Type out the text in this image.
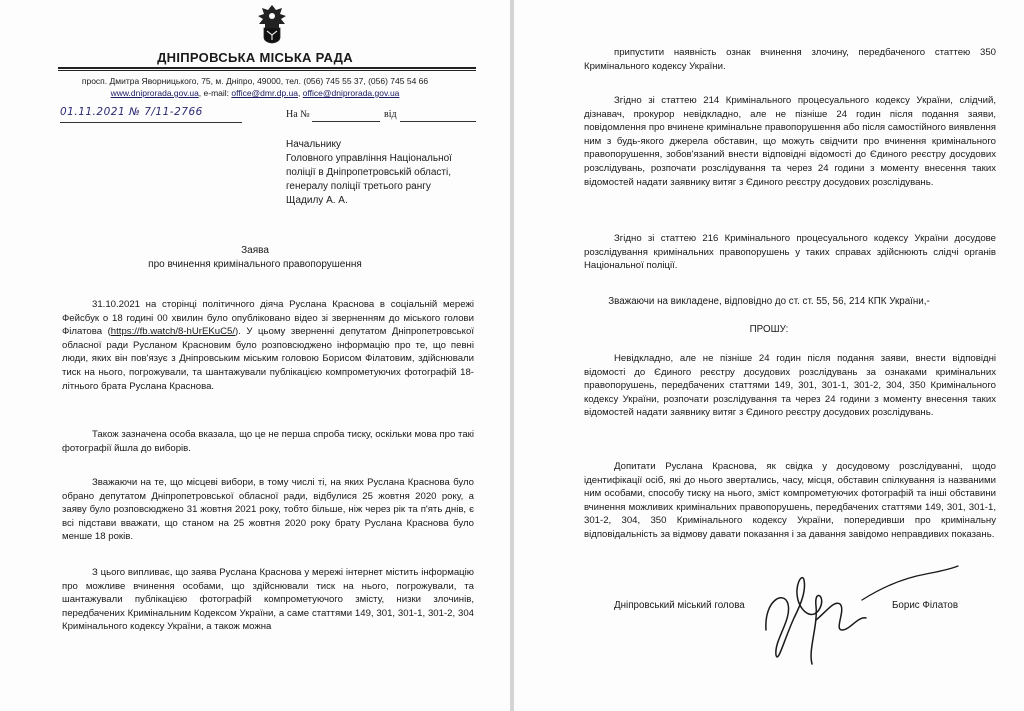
ДНІПРОВСЬКА МІСЬКА РАДА
просп. Дмитра Яворницького, 75, м. Дніпро, 49000, тел. (056) 745 55 37, (056) 745 54 66
www.dniprorada.gov.ua, e-mail: office@dmr.dp.ua, office@dniprorada.gov.ua
01.11.2021 № 7/11-2766	На №	від
Начальнику
Головного управління Національної
поліції в Дніпропетровській області,
генералу поліції третього рангу
Щадилу А. А.
Заява
про вчинення кримінального правопорушення

31.10.2021 на сторінці політичного діяча Руслана Краснова в соціальній мережі Фейсбук о 18 годині 00 хвилин було опубліковано відео зі зверненням до міського голови Філатова (https://fb.watch/8-hUrEKuC5/). У цьому зверненні депутатом Дніпропетровської обласної ради Русланом Красновим було розповсюджено інформацію про те, що певні люди, яких він пов'язує з Дніпровським міським головою Борисом Філатовим, здійснювали тиск на нього, погрожували, та шантажували публікацією компрометуючих фотографій 18-літнього брата Руслана Краснова.

Також зазначена особа вказала, що це не перша спроба тиску, оскільки мова про такі фотографії йшла до виборів.

Зважаючи на те, що місцеві вибори, в тому числі ті, на яких Руслана Краснова було обрано депутатом Дніпропетровської обласної ради, відбулися 25 жовтня 2020 року, а заяву було розповсюджено 31 жовтня 2021 року, тобто більше, ніж через рік та п'ять днів, є всі підстави вважати, що станом на 25 жовтня 2020 року брату Руслана Краснова було менше 18 років.

З цього випливає, що заява Руслана Краснова у мережі інтернет містить інформацію про можливе вчинення особами, що здійснювали тиск на нього, погрожували, та шантажували публікацією фотографій компрометуючого змісту, низки злочинів, передбачених Кримінальним Кодексом України, а саме статтями 149, 301, 301-1, 301-2, 304 Кримінального кодексу України, а також можна

припустити наявність ознак вчинення злочину, передбаченого статтею 350 Кримінального кодексу України.

Згідно зі статтею 214 Кримінального процесуального кодексу України, слідчий, дізнавач, прокурор невідкладно, але не пізніше 24 годин після подання заяви, повідомлення про вчинене кримінальне правопорушення або після самостійного виявлення ним з будь-якого джерела обставин, що можуть свідчити про вчинення кримінального правопорушення, зобов'язаний внести відповідні відомості до Єдиного реєстру досудових розслідувань, розпочати розслідування та через 24 години з моменту внесення таких відомостей надати заявнику витяг з Єдиного реєстру досудових розслідувань.

Згідно зі статтею 216 Кримінального процесуального кодексу України досудове розслідування кримінальних правопорушень у таких справах здійснюють слідчі органів Національної поліції.

Зважаючи на викладене, відповідно до ст. ст. 55, 56, 214 КПК України,-
ПРОШУ:

Невідкладно, але не пізніше 24 годин після подання заяви, внести відповідні відомості до Єдиного реєстру досудових розслідувань за ознаками кримінальних правопорушень, передбачених статтями 149, 301, 301-1, 301-2, 304, 350 Кримінального кодексу України, розпочати розслідування та через 24 години з моменту внесення таких відомостей надати заявнику витяг з Єдиного реєстру досудових розслідувань.

Допитати Руслана Краснова, як свідка у досудовому розслідуванні, щодо ідентифікації осіб, які до нього звертались, часу, місця, обставин спілкування із названими ним особами, способу тиску на нього, зміст компрометуючих фотографій та інші обставини вчинення можливих кримінальних правопорушень, передбачених статтями 149, 301, 301-1, 301-2, 304, 350 Кримінального кодексу України, попередивши про кримінальну відповідальність за відмову давати показання і за давання завідомо неправдивих показань.

Дніпровський міський голова	Борис Філатов
